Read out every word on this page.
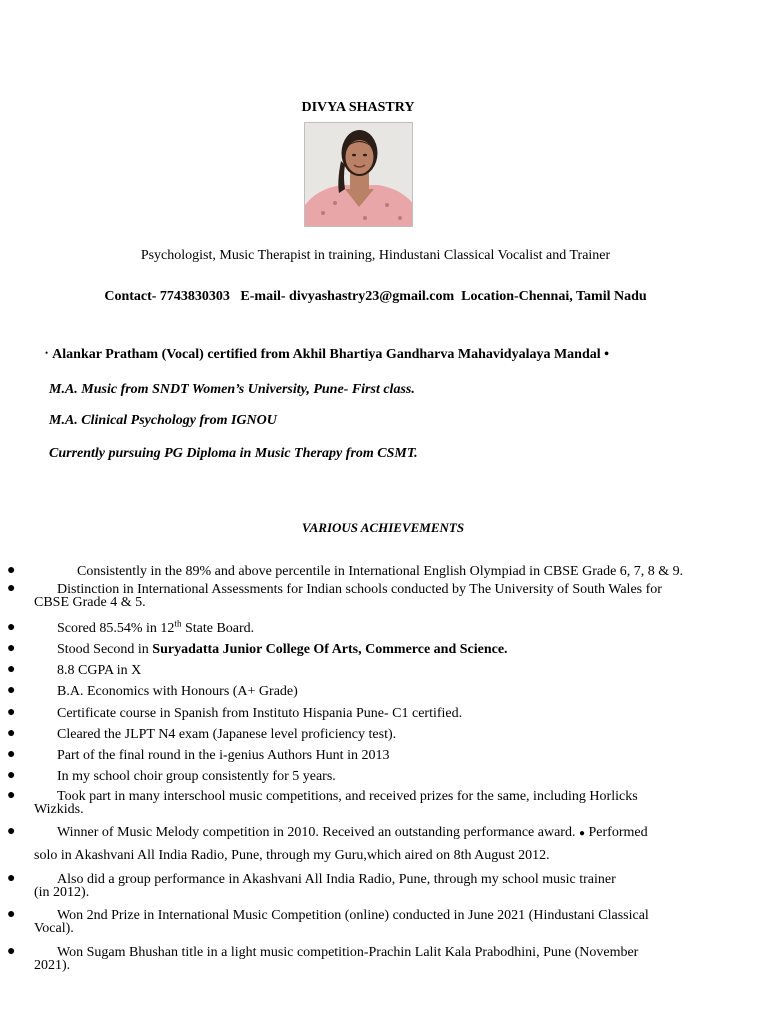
DIVYA SHASTRY
Psychologist, Music Therapist in training, Hindustani Classical Vocalist and Trainer
Contact- 7743830303   E-mail- divyashastry23@gmail.com  Location-Chennai, Tamil Nadu
• Alankar Pratham (Vocal) certified from Akhil Bhartiya Gandharva Mahavidyalaya Mandal •
M.A. Music from SNDT Women’s University, Pune- First class.
M.A. Clinical Psychology from IGNOU
Currently pursuing PG Diploma in Music Therapy from CSMT.
VARIOUS ACHIEVEMENTS
●	Consistently in the 89% and above percentile in International English Olympiad in CBSE Grade 6, 7, 8 & 9.
●	Distinction in International Assessments for Indian schools conducted by The University of South Wales for
CBSE Grade 4 & 5.
●	Scored 85.54% in 12th State Board.
●	Stood Second in Suryadatta Junior College Of Arts, Commerce and Science.
●	8.8 CGPA in X
●	B.A. Economics with Honours (A+ Grade)
●	Certificate course in Spanish from Instituto Hispania Pune- C1 certified.
●	Cleared the JLPT N4 exam (Japanese level proficiency test).
●	Part of the final round in the i-genius Authors Hunt in 2013
●	In my school choir group consistently for 5 years.
●	Took part in many interschool music competitions, and received prizes for the same, including Horlicks
Wizkids.
●	Winner of Music Melody competition in 2010. Received an outstanding performance award. ● Performed
solo in Akashvani All India Radio, Pune, through my Guru,which aired on 8th August 2012.
●	Also did a group performance in Akashvani All India Radio, Pune, through my school music trainer
(in 2012).
●	Won 2nd Prize in International Music Competition (online) conducted in June 2021 (Hindustani Classical
Vocal).
●	Won Sugam Bhushan title in a light music competition-Prachin Lalit Kala Prabodhini, Pune (November
2021).
